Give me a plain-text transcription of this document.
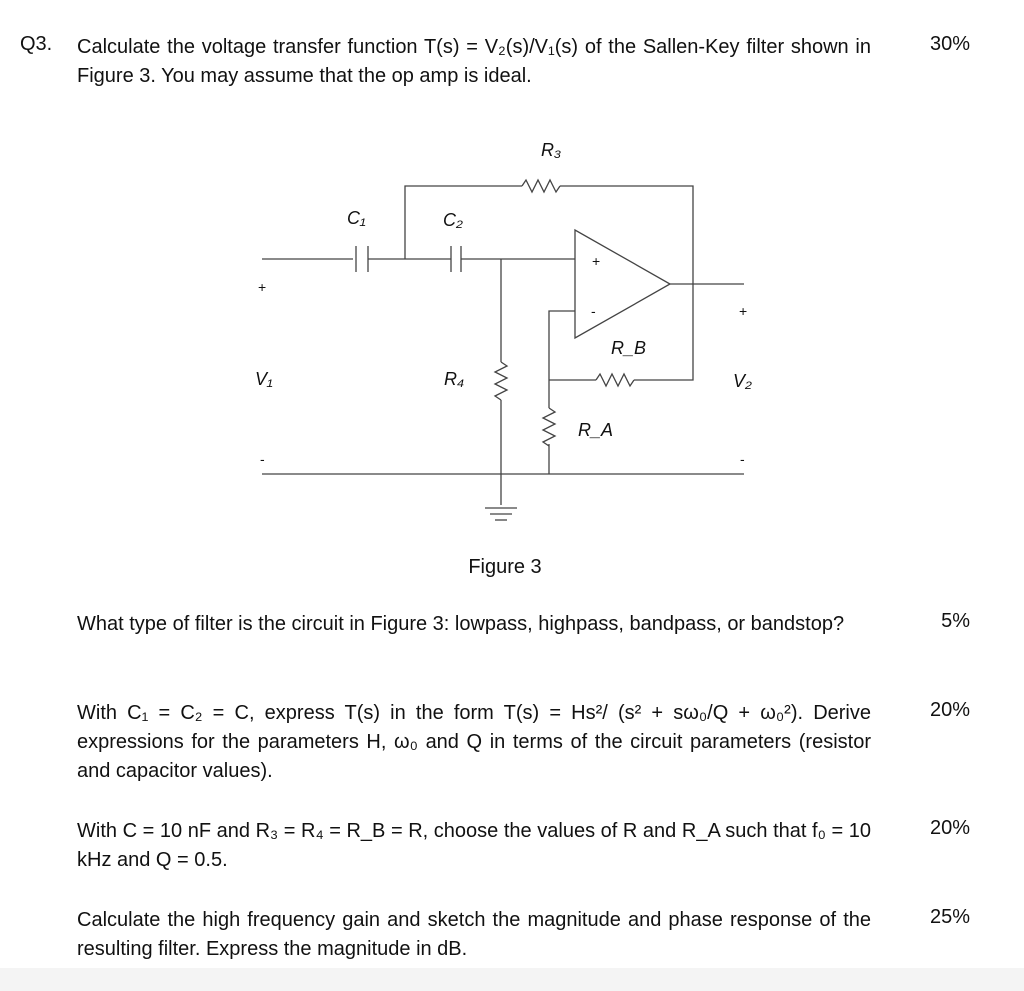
Q3. Calculate the voltage transfer function T(s) = V₂(s)/V₁(s) of the Sallen-Key filter shown in Figure 3. You may assume that the op amp is ideal.
30%
R₃
C₁	C₂
+
-
+
+
V₁	R₄
R_B
V₂
R_A
-	-
Figure 3
What type of filter is the circuit in Figure 3: lowpass, highpass, bandpass, or bandstop?	5%
With C₁ = C₂ = C, express T(s) in the form T(s) = Hs²/ (s² + sω₀/Q + ω₀²). Derive expressions for the parameters H, ω₀ and Q in terms of the circuit parameters (resistor and capacitor values).
20%
With C = 10 nF and R₃ = R₄ = R_B = R, choose the values of R and R_A such that f₀ = 10 kHz and Q = 0.5.
20%
Calculate the high frequency gain and sketch the magnitude and phase response of the resulting filter. Express the magnitude in dB.
25%
